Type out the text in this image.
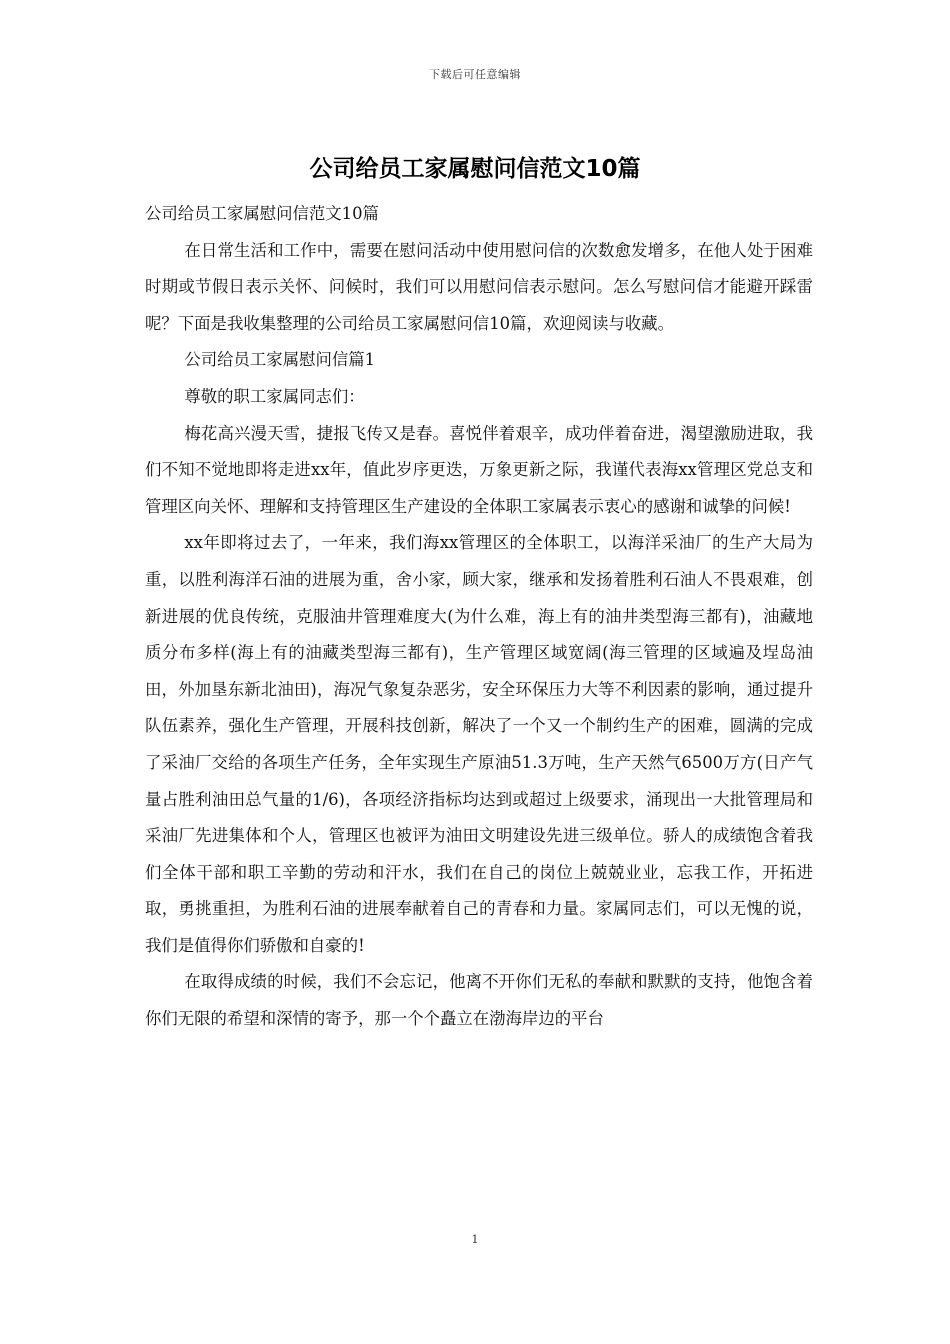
下载后可任意编辑
公司给员工家属慰问信范文10篇

公司给员工家属慰问信范文10篇

在日常生活和工作中，需要在慰问活动中使用慰问信的次数愈发增多，在他人处于困难时期或节假日表示关怀、问候时，我们可以用慰问信表示慰问。怎么写慰问信才能避开踩雷呢？下面是我收集整理的公司给员工家属慰问信10篇，欢迎阅读与收藏。

公司给员工家属慰问信篇1

尊敬的职工家属同志们：

梅花高兴漫天雪，捷报飞传又是春。喜悦伴着艰辛，成功伴着奋进，渴望激励进取，我们不知不觉地即将走进xx年，值此岁序更迭，万象更新之际，我谨代表海xx管理区党总支和管理区向关怀、理解和支持管理区生产建设的全体职工家属表示衷心的感谢和诚挚的问候!

xx年即将过去了，一年来，我们海xx管理区的全体职工，以海洋采油厂的生产大局为重，以胜利海洋石油的进展为重，舍小家，顾大家，继承和发扬着胜利石油人不畏艰难，创新进展的优良传统，克服油井管理难度大(为什么难，海上有的油井类型海三都有)，油藏地质分布多样(海上有的油藏类型海三都有)，生产管理区域宽阔(海三管理的区域遍及埕岛油田，外加垦东新北油田)，海况气象复杂恶劣，安全环保压力大等不利因素的影响，通过提升队伍素养，强化生产管理，开展科技创新，解决了一个又一个制约生产的困难，圆满的完成了采油厂交给的各项生产任务，全年实现生产原油51.3万吨，生产天然气6500万方(日产气量占胜利油田总气量的1/6)，各项经济指标均达到或超过上级要求，涌现出一大批管理局和采油厂先进集体和个人，管理区也被评为油田文明建设先进三级单位。骄人的成绩饱含着我们全体干部和职工辛勤的劳动和汗水，我们在自己的岗位上兢兢业业，忘我工作，开拓进取，勇挑重担，为胜利石油的进展奉献着自己的青春和力量。家属同志们，可以无愧的说，我们是值得你们骄傲和自豪的!

在取得成绩的时候，我们不会忘记，他离不开你们无私的奉献和默默的支持，他饱含着你们无限的希望和深情的寄予，那一个个矗立在渤海岸边的平台

1
